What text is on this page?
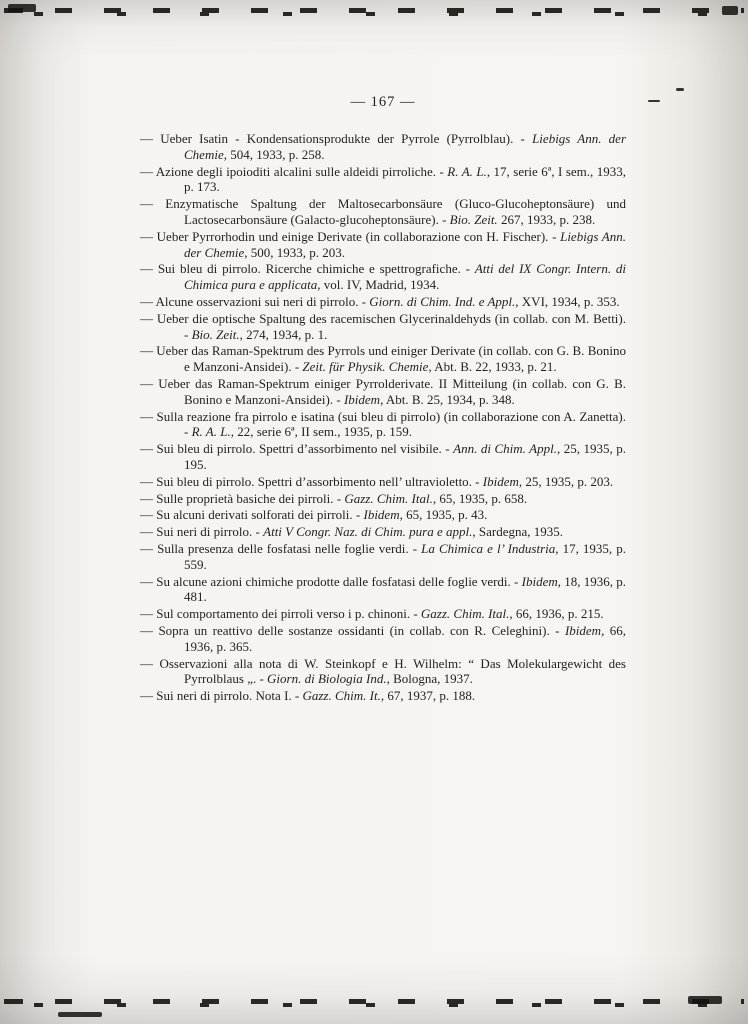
— 167 —
— Ueber Isatin - Kondensationsprodukte der Pyrrole (Pyrrolblau). - Liebigs Ann. der Chemie, 504, 1933, p. 258.
— Azione degli ipoioditi alcalini sulle aldeidi pirroliche. - R. A. L., 17, serie 6ª, I sem., 1933, p. 173.
— Enzymatische Spaltung der Maltosecarbonsäure (Gluco-Glucoheptonsäure) und Lactosecarbonsäure (Galacto-glucoheptonsäure). - Bio. Zeit. 267, 1933, p. 238.
— Ueber Pyrrorhodin und einige Derivate (in collaborazione con H. Fischer). - Liebigs Ann. der Chemie, 500, 1933, p. 203.
— Sui bleu di pirrolo. Ricerche chimiche e spettrografiche. - Atti del IX Congr. Intern. di Chimica pura e applicata, vol. IV, Madrid, 1934.
— Alcune osservazioni sui neri di pirrolo. - Giorn. di Chim. Ind. e Appl., XVI, 1934, p. 353.
— Ueber die optische Spaltung des racemischen Glycerinaldehyds (in collab. con M. Betti). - Bio. Zeit., 274, 1934, p. 1.
— Ueber das Raman-Spektrum des Pyrrols und einiger Derivate (in collab. con G. B. Bonino e Manzoni-Ansidei). - Zeit. für Physik. Chemie, Abt. B. 22, 1933, p. 21.
— Ueber das Raman-Spektrum einiger Pyrrolderivate. II Mitteilung (in collab. con G. B. Bonino e Manzoni-Ansidei). - Ibidem, Abt. B. 25, 1934, p. 348.
— Sulla reazione fra pirrolo e isatina (sui bleu di pirrolo) (in collaborazione con A. Zanetta). - R. A. L., 22, serie 6ª, II sem., 1935, p. 159.
— Sui bleu di pirrolo. Spettri d’assorbimento nel visibile. - Ann. di Chim. Appl., 25, 1935, p. 195.
— Sui bleu di pirrolo. Spettri d’assorbimento nell’ ultravioletto. - Ibidem, 25, 1935, p. 203.
— Sulle proprietà basiche dei pirroli. - Gazz. Chim. Ital., 65, 1935, p. 658.
— Su alcuni derivati solforati dei pirroli. - Ibidem, 65, 1935, p. 43.
— Sui neri di pirrolo. - Atti V Congr. Naz. di Chim. pura e appl., Sardegna, 1935.
— Sulla presenza delle fosfatasi nelle foglie verdi. - La Chimica e l’ Industria, 17, 1935, p. 559.
— Su alcune azioni chimiche prodotte dalle fosfatasi delle foglie verdi. - Ibidem, 18, 1936, p. 481.
— Sul comportamento dei pirroli verso i p. chinoni. - Gazz. Chim. Ital., 66, 1936, p. 215.
— Sopra un reattivo delle sostanze ossidanti (in collab. con R. Celeghini). - Ibidem, 66, 1936, p. 365.
— Osservazioni alla nota di W. Steinkopf e H. Wilhelm: “ Das Molekulargewicht des Pyrrolblaus „. - Giorn. di Biologia Ind., Bologna, 1937.
— Sui neri di pirrolo. Nota I. - Gazz. Chim. It., 67, 1937, p. 188.
